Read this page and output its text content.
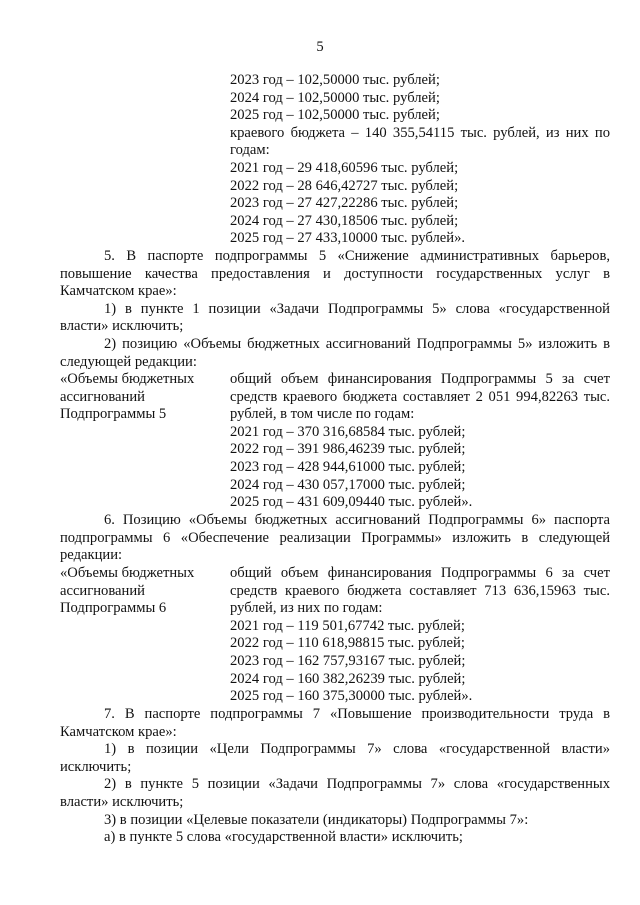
5
2023 год – 102,50000 тыс. рублей;
2024 год – 102,50000 тыс. рублей;
2025 год – 102,50000 тыс. рублей;
краевого бюджета – 140 355,54115 тыс. рублей, из них по
годам:
2021 год – 29 418,60596 тыс. рублей;
2022 год – 28 646,42727 тыс. рублей;
2023 год – 27 427,22286 тыс. рублей;
2024 год – 27 430,18506 тыс. рублей;
2025 год – 27 433,10000 тыс. рублей».
5. В паспорте подпрограммы 5 «Снижение административных барьеров,
повышение качества предоставления и доступности государственных услуг в
Камчатском крае»:
1) в пункте 1 позиции «Задачи Подпрограммы 5» слова «государственной
власти» исключить;
2) позицию «Объемы бюджетных ассигнований Подпрограммы 5» изложить в
следующей редакции:
«Объемы бюджетных
ассигнований
Подпрограммы 5
общий объем финансирования Подпрограммы 5 за счет
средств краевого бюджета составляет 2 051 994,82263 тыс.
рублей, в том числе по годам:
2021 год – 370 316,68584 тыс. рублей;
2022 год – 391 986,46239 тыс. рублей;
2023 год – 428 944,61000 тыс. рублей;
2024 год – 430 057,17000 тыс. рублей;
2025 год – 431 609,09440 тыс. рублей».
6. Позицию «Объемы бюджетных ассигнований Подпрограммы 6» паспорта
подпрограммы 6 «Обеспечение реализации Программы» изложить в следующей
редакции:
«Объемы бюджетных
ассигнований
Подпрограммы 6
общий объем финансирования Подпрограммы 6 за счет
средств краевого бюджета составляет 713 636,15963 тыс.
рублей, из них по годам:
2021 год – 119 501,67742 тыс. рублей;
2022 год – 110 618,98815 тыс. рублей;
2023 год – 162 757,93167 тыс. рублей;
2024 год – 160 382,26239 тыс. рублей;
2025 год – 160 375,30000 тыс. рублей».
7. В паспорте подпрограммы 7 «Повышение производительности труда в
Камчатском крае»:
1) в позиции «Цели Подпрограммы 7» слова «государственной власти»
исключить;
2) в пункте 5 позиции «Задачи Подпрограммы 7» слова «государственных
власти» исключить;
3) в позиции «Целевые показатели (индикаторы) Подпрограммы 7»:
а) в пункте 5 слова «государственной власти» исключить;
